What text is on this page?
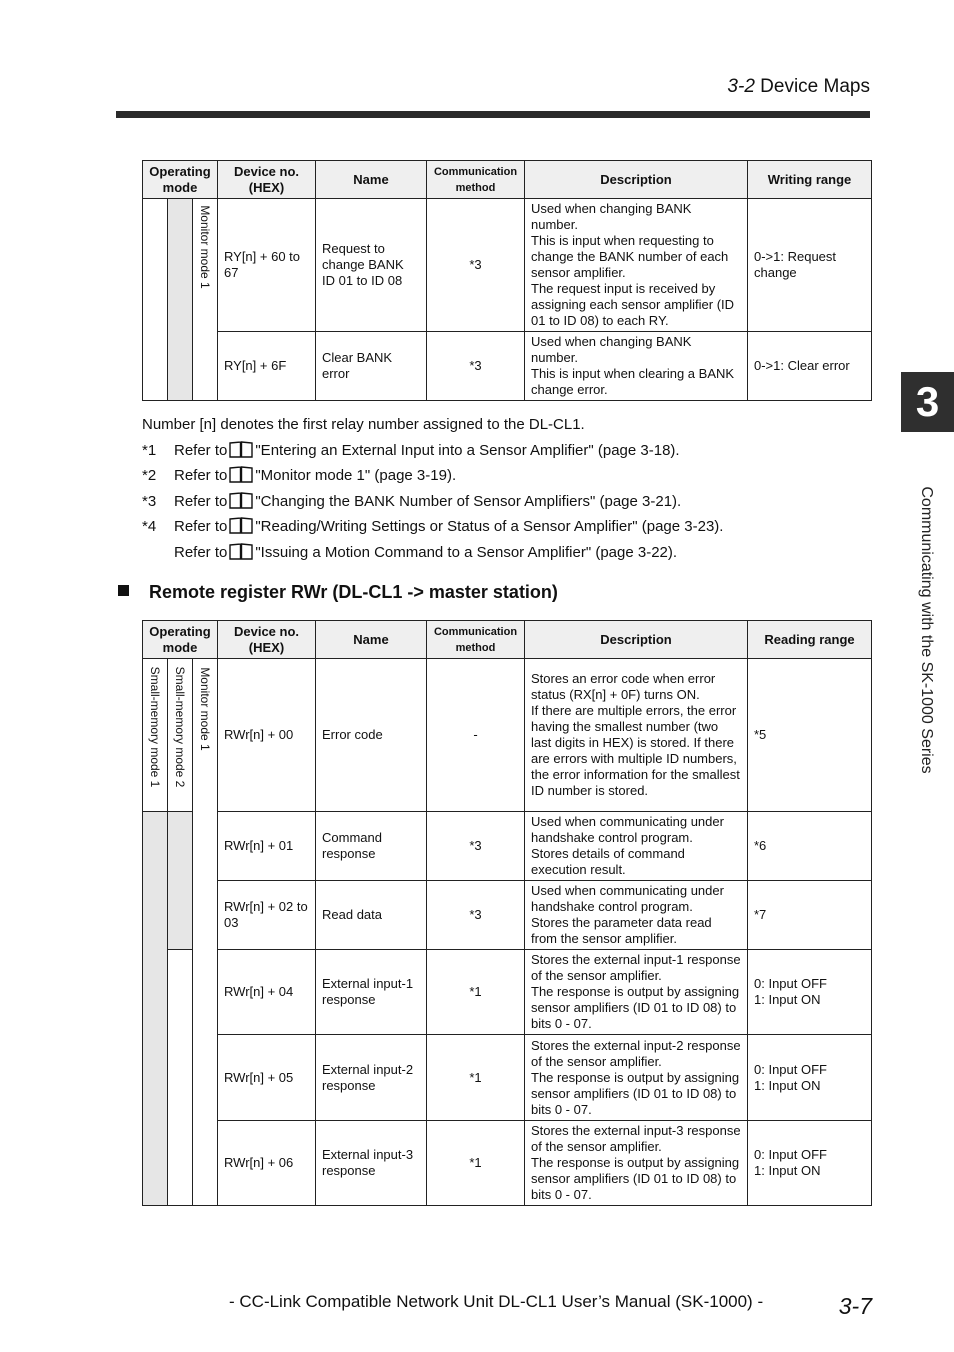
3-2 Device Maps
3
Communicating with the SK-1000 Series
Operating mode			Device no. (HEX)	Name	Communication method	Description	Writing range

		Monitor mode 1	RY[n] + 60 to 67	Request to change BANK ID 01 to ID 08	*3	Used when changing BANK number.
This is input when requesting to change the BANK number of each sensor amplifier.
The request input is received by assigning each sensor amplifier (ID 01 to ID 08) to each RY.	0->1: Request change
			RY[n] + 6F	Clear BANK error	*3	Used when changing BANK number.
This is input when clearing a BANK change error.	0->1: Clear error
Number [n] denotes the first relay number assigned to the DL-CL1.
*1 Refer to "Entering an External Input into a Sensor Amplifier" (page 3-18).
*2 Refer to "Monitor mode 1" (page 3-19).
*3 Refer to "Changing the BANK Number of Sensor Amplifiers" (page 3-21).
*4 Refer to "Reading/Writing Settings or Status of a Sensor Amplifier" (page 3-23).
Refer to "Issuing a Motion Command to a Sensor Amplifier" (page 3-22).
Remote register RWr (DL-CL1 -> master station)
Operating mode			Device no. (HEX)	Name	Communication method	Description	Reading range

Small-memory mode 1	Small-memory mode 2	Monitor mode 1	RWr[n] + 00	Error code	-	Stores an error code when error status (RX[n] + 0F) turns ON.
If there are multiple errors, the error having the smallest number (two last digits in HEX) is stored. If there are errors with multiple ID numbers, the error information for the smallest ID number is stored.	*5
			RWr[n] + 01	Command response	*3	Used when communicating under handshake control program.
Stores details of command execution result.	*6
			RWr[n] + 02 to 03	Read data	*3	Used when communicating under handshake control program.
Stores the parameter data read from the sensor amplifier.	*7
			RWr[n] + 04	External input-1 response	*1	Stores the external input-1 response of the sensor amplifier.
The response is output by assigning sensor amplifiers (ID 01 to ID 08) to bits 0 - 07.	0: Input OFF
1: Input ON
			RWr[n] + 05	External input-2 response	*1	Stores the external input-2 response of the sensor amplifier.
The response is output by assigning sensor amplifiers (ID 01 to ID 08) to bits 0 - 07.	0: Input OFF
1: Input ON
			RWr[n] + 06	External input-3 response	*1	Stores the external input-3 response of the sensor amplifier.
The response is output by assigning sensor amplifiers (ID 01 to ID 08) to bits 0 - 07.	0: Input OFF
1: Input ON
- CC-Link Compatible Network Unit DL-CL1 User’s Manual (SK-1000) -	3-7
